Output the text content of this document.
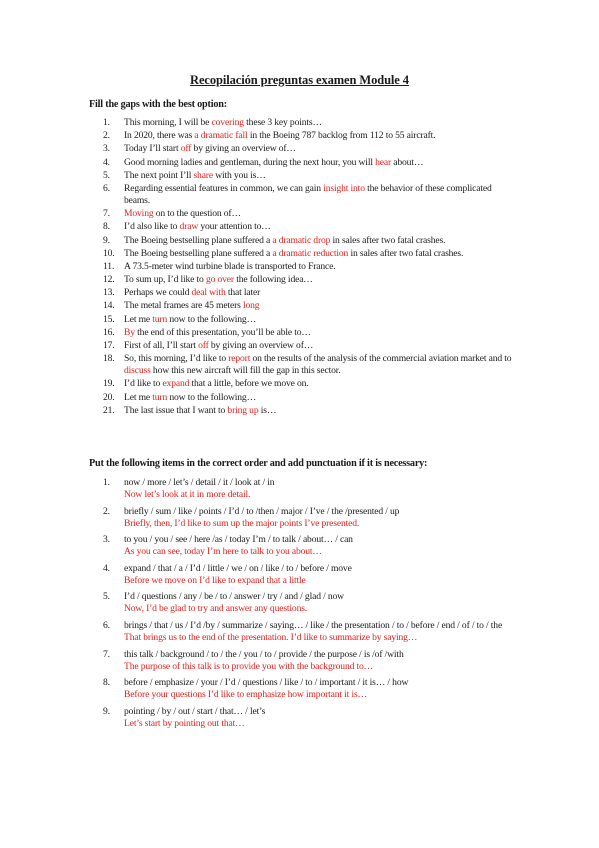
Recopilación preguntas examen Module 4
Fill the gaps with the best option:
1.	This morning, I will be covering these 3 key points…
2.	In 2020, there was a dramatic fall in the Boeing 787 backlog from 112 to 55 aircraft.
3.	Today I’ll start off by giving an overview of…
4.	Good morning ladies and gentleman, during the next hour, you will hear about…
5.	The next point I’ll share with you is…
6.	Regarding essential features in common, we can gain insight into the behavior of these complicated beams.
7.	Moving on to the question of…
8.	I’d also like to draw your attention to…
9.	The Boeing bestselling plane suffered a a dramatic drop in sales after two fatal crashes.
10. The Boeing bestselling plane suffered a a dramatic reduction in sales after two fatal crashes.
11.	A 73.5-meter wind turbine blade is transported to France.
12. To sum up, I’d like to go over the following idea…
13. Perhaps we could deal with that later
14. The metal frames are 45 meters long
15. Let me turn now to the following…
16. By the end of this presentation, you’ll be able to…
17. First of all, I’ll start off by giving an overview of…
18. So, this morning, I’d like to report on the results of the analysis of the commercial aviation market and to discuss how this new aircraft will fill the gap in this sector.
19. I’d like to expand that a little, before we move on.
20. Let me turn now to the following…
21. The last issue that I want to bring up is…
Put the following items in the correct order and add punctuation if it is necessary:
1.	now / more / let’s / detail / it / look at / in
Now let’s look at it in more detail.
2.	briefly / sum / like / points / I’d / to /then / major / I’ve / the /presented / up
Briefly, then, I’d like to sum up the major points I’ve presented.
3.	to you / you / see / here /as / today I’m / to talk / about… / can
As you can see, today I’m here to talk to you about…
4.	expand / that / a / I’d / little / we / on / like / to / before / move
Before we move on I’d like to expand that a little
5.	I’d / questions / any / be / to / answer / try / and / glad / now
Now, I’d be glad to try and answer any questions.
6.	brings / that / us / I’d /by / summarize / saying… / like / the presentation / to / before / end / of / to / the
That brings us to the end of the presentation. I’d like to summarize by saying…
7.	this talk / background / to / the / you / to / provide / the purpose / is /of /with
The purpose of this talk is to provide you with the background to…
8.	before / emphasize / your / I’d / questions / like / to / important / it is… / how
Before your questions I’d like to emphasize how important it is…
9.	pointing / by / out / start / that… / let’s
Let’s start by pointing out that…
